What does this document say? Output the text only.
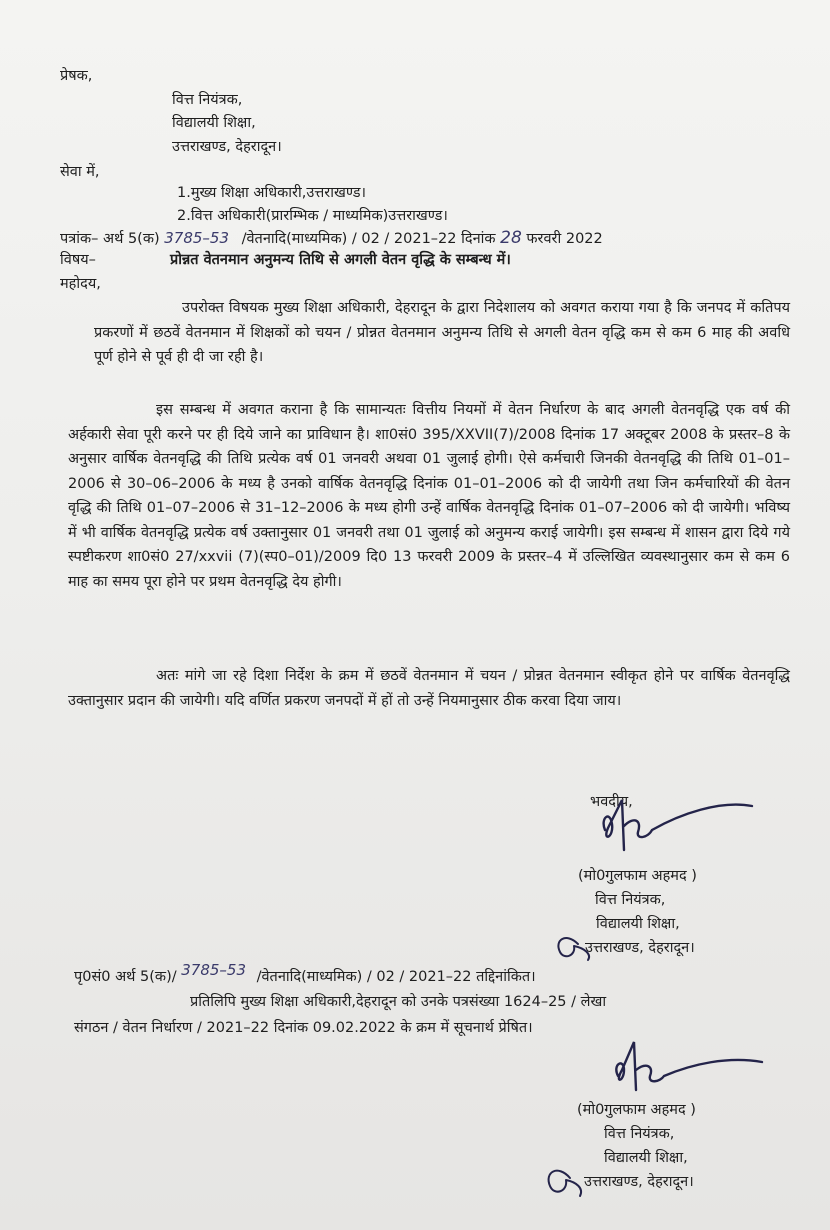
प्रेषक,
वित्त नियंत्रक,
विद्यालयी शिक्षा,
उत्तराखण्ड, देहरादून।
सेवा में,
1.मुख्य शिक्षा अधिकारी,उत्तराखण्ड।
2.वित्त अधिकारी(प्रारम्भिक / माध्यमिक)उत्तराखण्ड।
पत्रांक– अर्थ 5(क) 3785–53 /वेतनादि(माध्यमिक) / 02 / 2021–22 दिनांक 28 फरवरी 2022
विषय–	प्रोन्नत वेतनमान अनुमन्य तिथि से अगली वेतन वृद्धि के सम्बन्ध में।
महोदय,
उपरोक्त विषयक मुख्य शिक्षा अधिकारी, देहरादून के द्वारा निदेशालय को अवगत कराया गया है कि जनपद में कतिपय प्रकरणों में छठवें वेतनमान में शिक्षकों को चयन / प्रोन्नत वेतनमान अनुमन्य तिथि से अगली वेतन वृद्धि कम से कम 6 माह की अवधि पूर्ण होने से पूर्व ही दी जा रही है।
इस सम्बन्ध में अवगत कराना है कि सामान्यतः वित्तीय नियमों में वेतन निर्धारण के बाद अगली वेतनवृद्धि एक वर्ष की अर्हकारी सेवा पूरी करने पर ही दिये जाने का प्राविधान है। शा0सं0 395/XXVII(7)/2008 दिनांक 17 अक्टूबर 2008 के प्रस्तर–8 के अनुसार वार्षिक वेतनवृद्धि की तिथि प्रत्येक वर्ष 01 जनवरी अथवा 01 जुलाई होगी। ऐसे कर्मचारी जिनकी वेतनवृद्धि की तिथि 01–01–2006 से 30–06–2006 के मध्य है उनको वार्षिक वेतनवृद्धि दिनांक 01–01–2006 को दी जायेगी तथा जिन कर्मचारियों की वेतन वृद्धि की तिथि 01–07–2006 से 31–12–2006 के मध्य होगी उन्हें वार्षिक वेतनवृद्धि दिनांक 01–07–2006 को दी जायेगी। भविष्य में भी वार्षिक वेतनवृद्धि प्रत्येक वर्ष उक्तानुसार 01 जनवरी तथा 01 जुलाई को अनुमन्य कराई जायेगी। इस सम्बन्ध में शासन द्वारा दिये गये स्पष्टीकरण शा0सं0 27/xxvii (7)(स्प0–01)/2009 दि0 13 फरवरी 2009 के प्रस्तर–4 में उल्लिखित व्यवस्थानुसार कम से कम 6 माह का समय पूरा होने पर प्रथम वेतनवृद्धि देय होगी।
अतः मांगे जा रहे दिशा निर्देश के क्रम में छठवें वेतनमान में चयन / प्रोन्नत वेतनमान स्वीकृत होने पर वार्षिक वेतनवृद्धि उक्तानुसार प्रदान की जायेगी। यदि वर्णित प्रकरण जनपदों में हों तो उन्हें नियमानुसार ठीक करवा दिया जाय।
भवदीय,
(मो0गुलफाम अहमद )
वित्त नियंत्रक,
विद्यालयी शिक्षा,
उत्तराखण्ड, देहरादून।
पृ0सं0 अर्थ 5(क)/ 3785–53 /वेतनादि(माध्यमिक) / 02 / 2021–22 तद्दिनांकित।
प्रतिलिपि मुख्य शिक्षा अधिकारी,देहरादून को उनके पत्रसंख्या 1624–25 / लेखा
संगठन / वेतन निर्धारण / 2021–22 दिनांक 09.02.2022 के क्रम में सूचनार्थ प्रेषित।
(मो0गुलफाम अहमद )
वित्त नियंत्रक,
विद्यालयी शिक्षा,
उत्तराखण्ड, देहरादून।
